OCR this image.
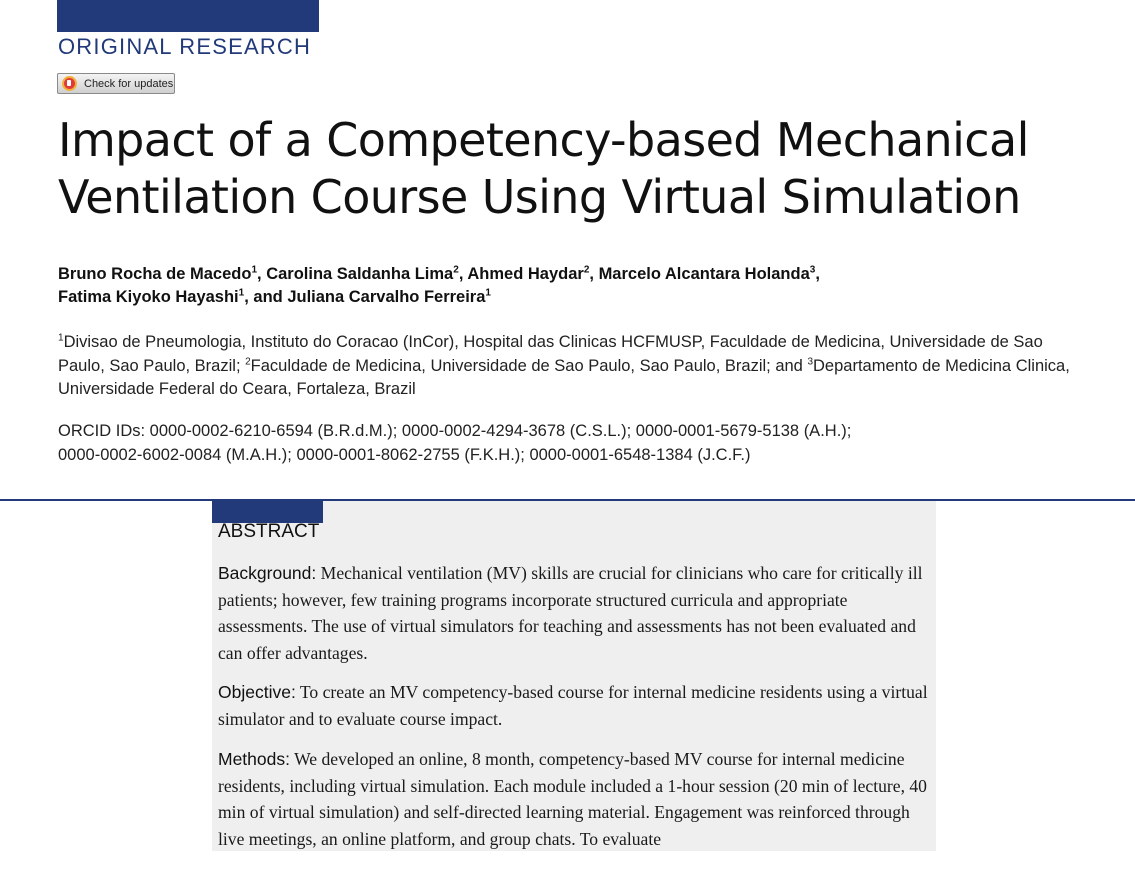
ORIGINAL RESEARCH
Check for updates
Impact of a Competency-based Mechanical Ventilation Course Using Virtual Simulation
Bruno Rocha de Macedo$^1$, Carolina Saldanha Lima$^2$, Ahmed Haydar$^2$, Marcelo Alcantara Holanda$^3$,
Fatima Kiyoko Hayashi$^1$, and Juliana Carvalho Ferreira$^1$
$^1$Divisao de Pneumologia, Instituto do Coracao (InCor), Hospital das Clinicas HCFMUSP, Faculdade de Medicina, Universidade de Sao Paulo, Sao Paulo, Brazil; $^2$Faculdade de Medicina, Universidade de Sao Paulo, Sao Paulo, Brazil; and $^3$Departamento de Medicina Clinica, Universidade Federal do Ceara, Fortaleza, Brazil
ORCID IDs: 0000-0002-6210-6594 (B.R.d.M.); 0000-0002-4294-3678 (C.S.L.); 0000-0001-5679-5138 (A.H.);
0000-0002-6002-0084 (M.A.H.); 0000-0001-8062-2755 (F.K.H.); 0000-0001-6548-1384 (J.C.F.)
ABSTRACT

Background: Mechanical ventilation (MV) skills are crucial for clinicians who care for critically ill patients; however, few training programs incorporate structured curricula and appropriate assessments. The use of virtual simulators for teaching and assessments has not been evaluated and can offer advantages.

Objective: To create an MV competency-based course for internal medicine residents using a virtual simulator and to evaluate course impact.

Methods: We developed an online, 8 month, competency-based MV course for internal medicine residents, including virtual simulation. Each module included a 1-hour session (20 min of lecture, 40 min of virtual simulation) and self-directed learning material. Engagement was reinforced through live meetings, an online platform, and group chats. To evaluate
